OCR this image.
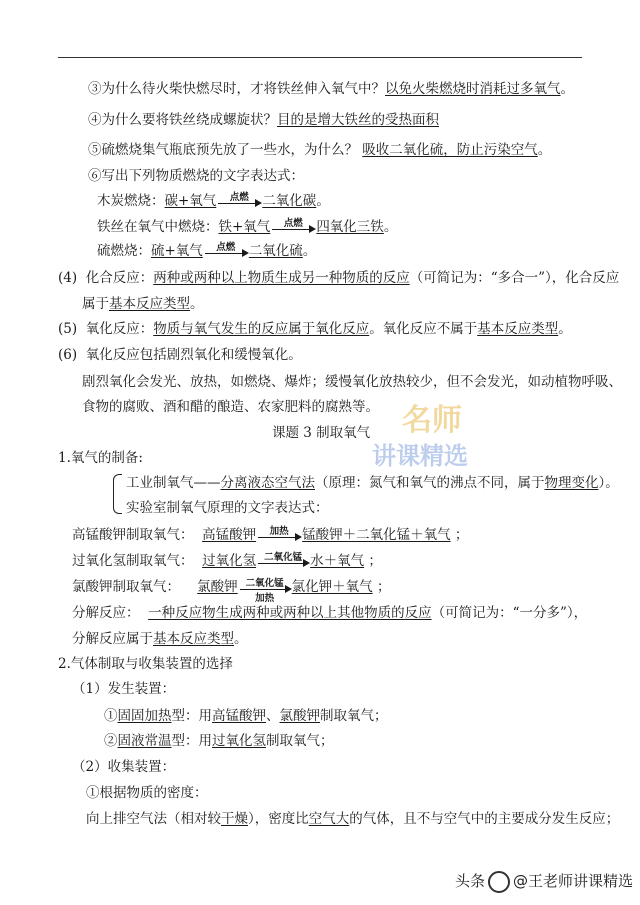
③为什么待火柴快燃尽时，才将铁丝伸入氧气中？以免火柴燃烧时消耗过多氧气。
④为什么要将铁丝绕成螺旋状？目的是增大铁丝的受热面积
⑤硫燃烧集气瓶底预先放了一些水，为什么？ 吸收二氧化硫，防止污染空气。
⑥写出下列物质燃烧的文字表达式：
木炭燃烧：碳+氧气	点燃	二氧化碳。
铁丝在氧气中燃烧：铁+氧气	点燃	四氧化三铁。
硫燃烧：硫+氧气	点燃	二氧化硫。
(4) 化合反应：两种或两种以上物质生成另一种物质的反应（可简记为：“多合一”），化合反应
属于基本反应类型。
(5) 氧化反应：物质与氧气发生的反应属于氧化反应。氧化反应不属于基本反应类型。
(6) 氧化反应包括剧烈氧化和缓慢氧化。
剧烈氧化会发光、放热，如燃烧、爆炸；缓慢氧化放热较少，但不会发光，如动植物呼吸、
食物的腐败、酒和醋的酿造、农家肥料的腐熟等。
课题 3 制取氧气 名师
讲课精选
1.氧气的制备:
工业制氧气——分离液态空气法（原理：氮气和氧气的沸点不同，属于物理变化）。
实验室制氧气原理的文字表达式：
高锰酸钾制取氧气： 高锰酸钾	加热	锰酸钾＋二氧化锰＋氧气 ；
过氧化氢制取氧气： 过氧化氢 二氧化锰 水＋氧气 ；
氯酸钾制取氧气： 氯酸钾 二氧化锰
加热
氯化钾＋氧气 ；
分解反应： 一种反应物生成两种或两种以上其他物质的反应（可简记为：“一分多”），
分解反应属于基本反应类型。
2.气体制取与收集装置的选择
（1）发生装置：
①固固加热型：用高锰酸钾、氯酸钾制取氧气；
②固液常温型：用过氧化氢制取氧气；
（2）收集装置：
①根据物质的密度：
向上排空气法（相对较干燥），密度比空气大的气体，且不与空气中的主要成分发生反应；
头条 @王老师讲课精选
